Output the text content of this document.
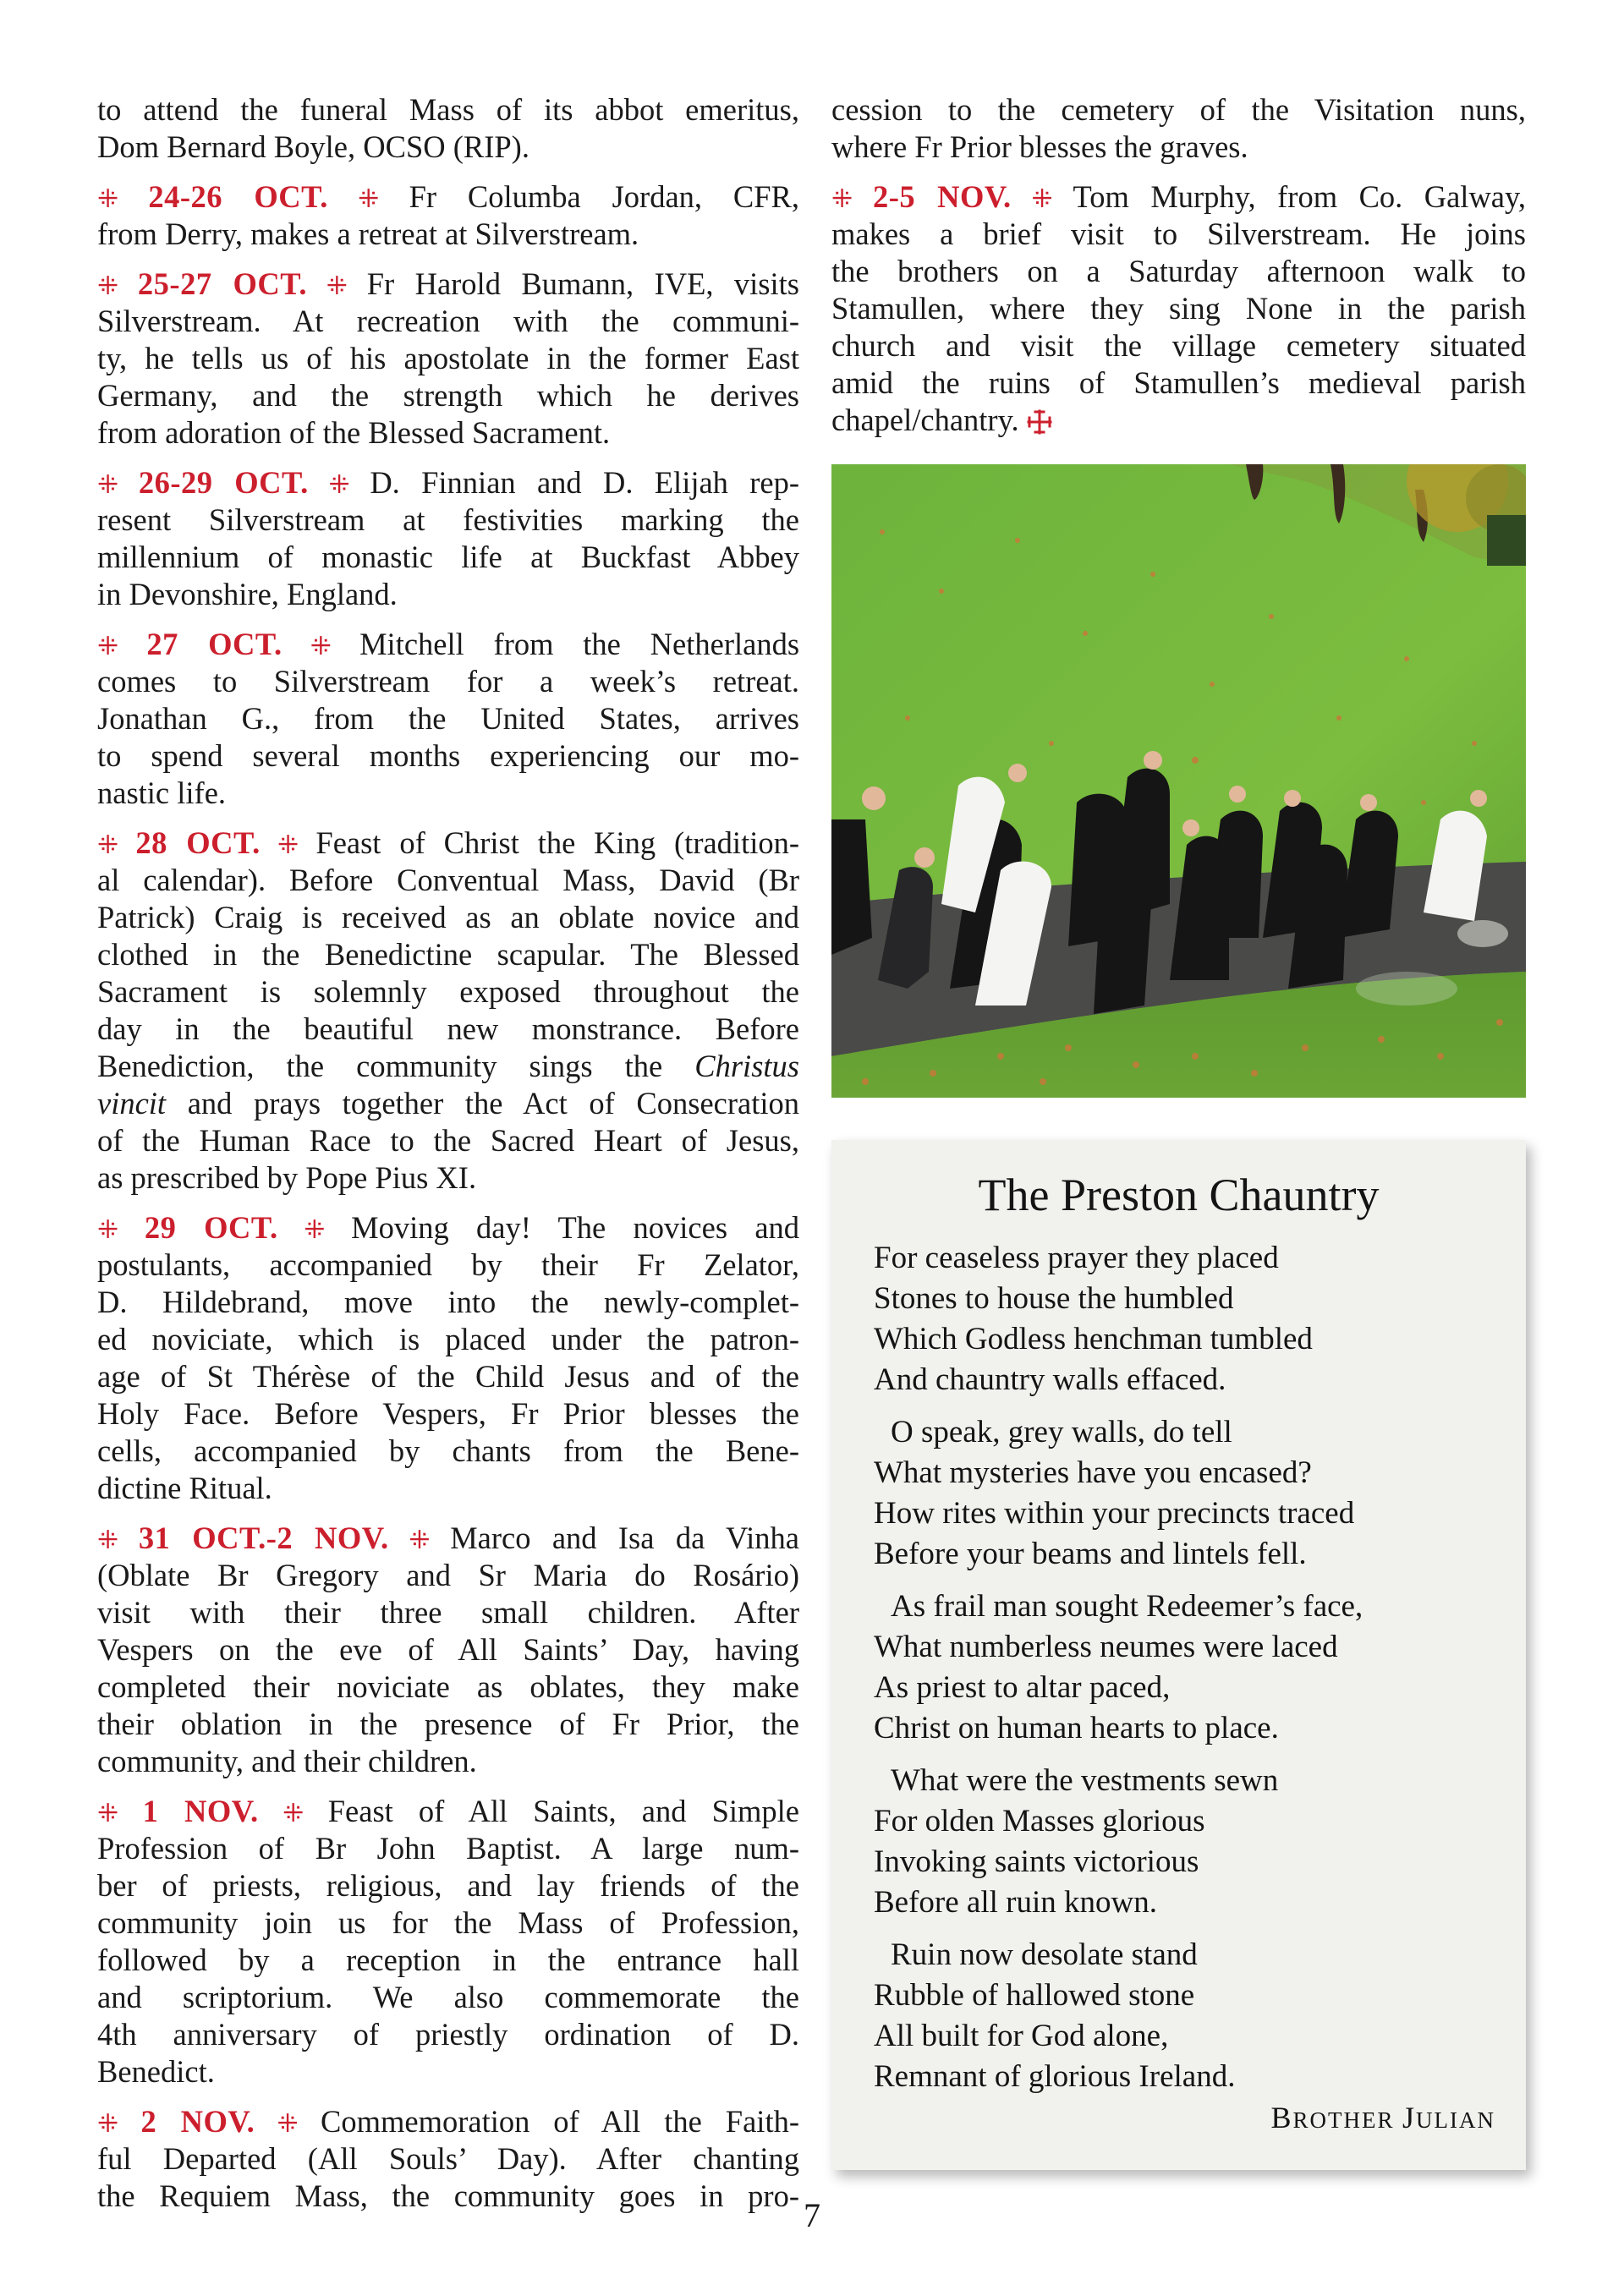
to attend the funeral Mass of its abbot emeritus,
Dom Bernard Boyle, OCSO (RIP).
⁜ 24-26 OCT. ⁜ Fr Columba Jordan, CFR,
from Derry, makes a retreat at Silverstream.
⁜ 25-27 OCT. ⁜ Fr Harold Bumann, IVE, visits
Silverstream. At recreation with the communi-
ty, he tells us of his apostolate in the former East
Germany, and the strength which he derives
from adoration of the Blessed Sacrament.
⁜ 26-29 OCT. ⁜ D. Finnian and D. Elijah rep-
resent Silverstream at festivities marking the
millennium of monastic life at Buckfast Abbey
in Devonshire, England.
⁜ 27 OCT. ⁜ Mitchell from the Netherlands
comes to Silverstream for a week’s retreat.
Jonathan G., from the United States, arrives
to spend several months experiencing our mo-
nastic life.
⁜ 28 OCT. ⁜ Feast of Christ the King (tradition-
al calendar). Before Conventual Mass, David (Br
Patrick) Craig is received as an oblate novice and
clothed in the Benedictine scapular. The Blessed
Sacrament is solemnly exposed throughout the
day in the beautiful new monstrance. Before
Benediction, the community sings the Christus
vincit and prays together the Act of Consecration
of the Human Race to the Sacred Heart of Jesus,
as prescribed by Pope Pius XI.
⁜ 29 OCT. ⁜ Moving day! The novices and
postulants, accompanied by their Fr Zelator,
D. Hildebrand, move into the newly-complet-
ed noviciate, which is placed under the patron-
age of St Thérèse of the Child Jesus and of the
Holy Face. Before Vespers, Fr Prior blesses the
cells, accompanied by chants from the Bene-
dictine Ritual.
⁜ 31 OCT.-2 NOV. ⁜ Marco and Isa da Vinha
(Oblate Br Gregory and Sr Maria do Rosário)
visit with their three small children. After
Vespers on the eve of All Saints’ Day, having
completed their noviciate as oblates, they make
their oblation in the presence of Fr Prior, the
community, and their children.
⁜ 1 NOV. ⁜ Feast of All Saints, and Simple
Profession of Br John Baptist. A large num-
ber of priests, religious, and lay friends of the
community join us for the Mass of Profession,
followed by a reception in the entrance hall
and scriptorium. We also commemorate the
4th anniversary of priestly ordination of D.
Benedict.
⁜ 2 NOV. ⁜ Commemoration of All the Faith-
ful Departed (All Souls’ Day). After chanting
the Requiem Mass, the community goes in pro-
cession to the cemetery of the Visitation nuns,
where Fr Prior blesses the graves.
⁜ 2-5 NOV. ⁜ Tom Murphy, from Co. Galway,
makes a brief visit to Silverstream. He joins
the brothers on a Saturday afternoon walk to
Stamullen, where they sing None in the parish
church and visit the village cemetery situated
amid the ruins of Stamullen’s medieval parish
chapel/chantry.
The Preston Chauntry
For ceaseless prayer they placed
Stones to house the humbled
Which Godless henchman tumbled
And chauntry walls effaced.
O speak, grey walls, do tell
What mysteries have you encased?
How rites within your precincts traced
Before your beams and lintels fell.
As frail man sought Redeemer’s face,
What numberless neumes were laced
As priest to altar paced,
Christ on human hearts to place.
What were the vestments sewn
For olden Masses glorious
Invoking saints victorious
Before all ruin known.
Ruin now desolate stand
Rubble of hallowed stone
All built for God alone,
Remnant of glorious Ireland.
BROTHER JULIAN
7
